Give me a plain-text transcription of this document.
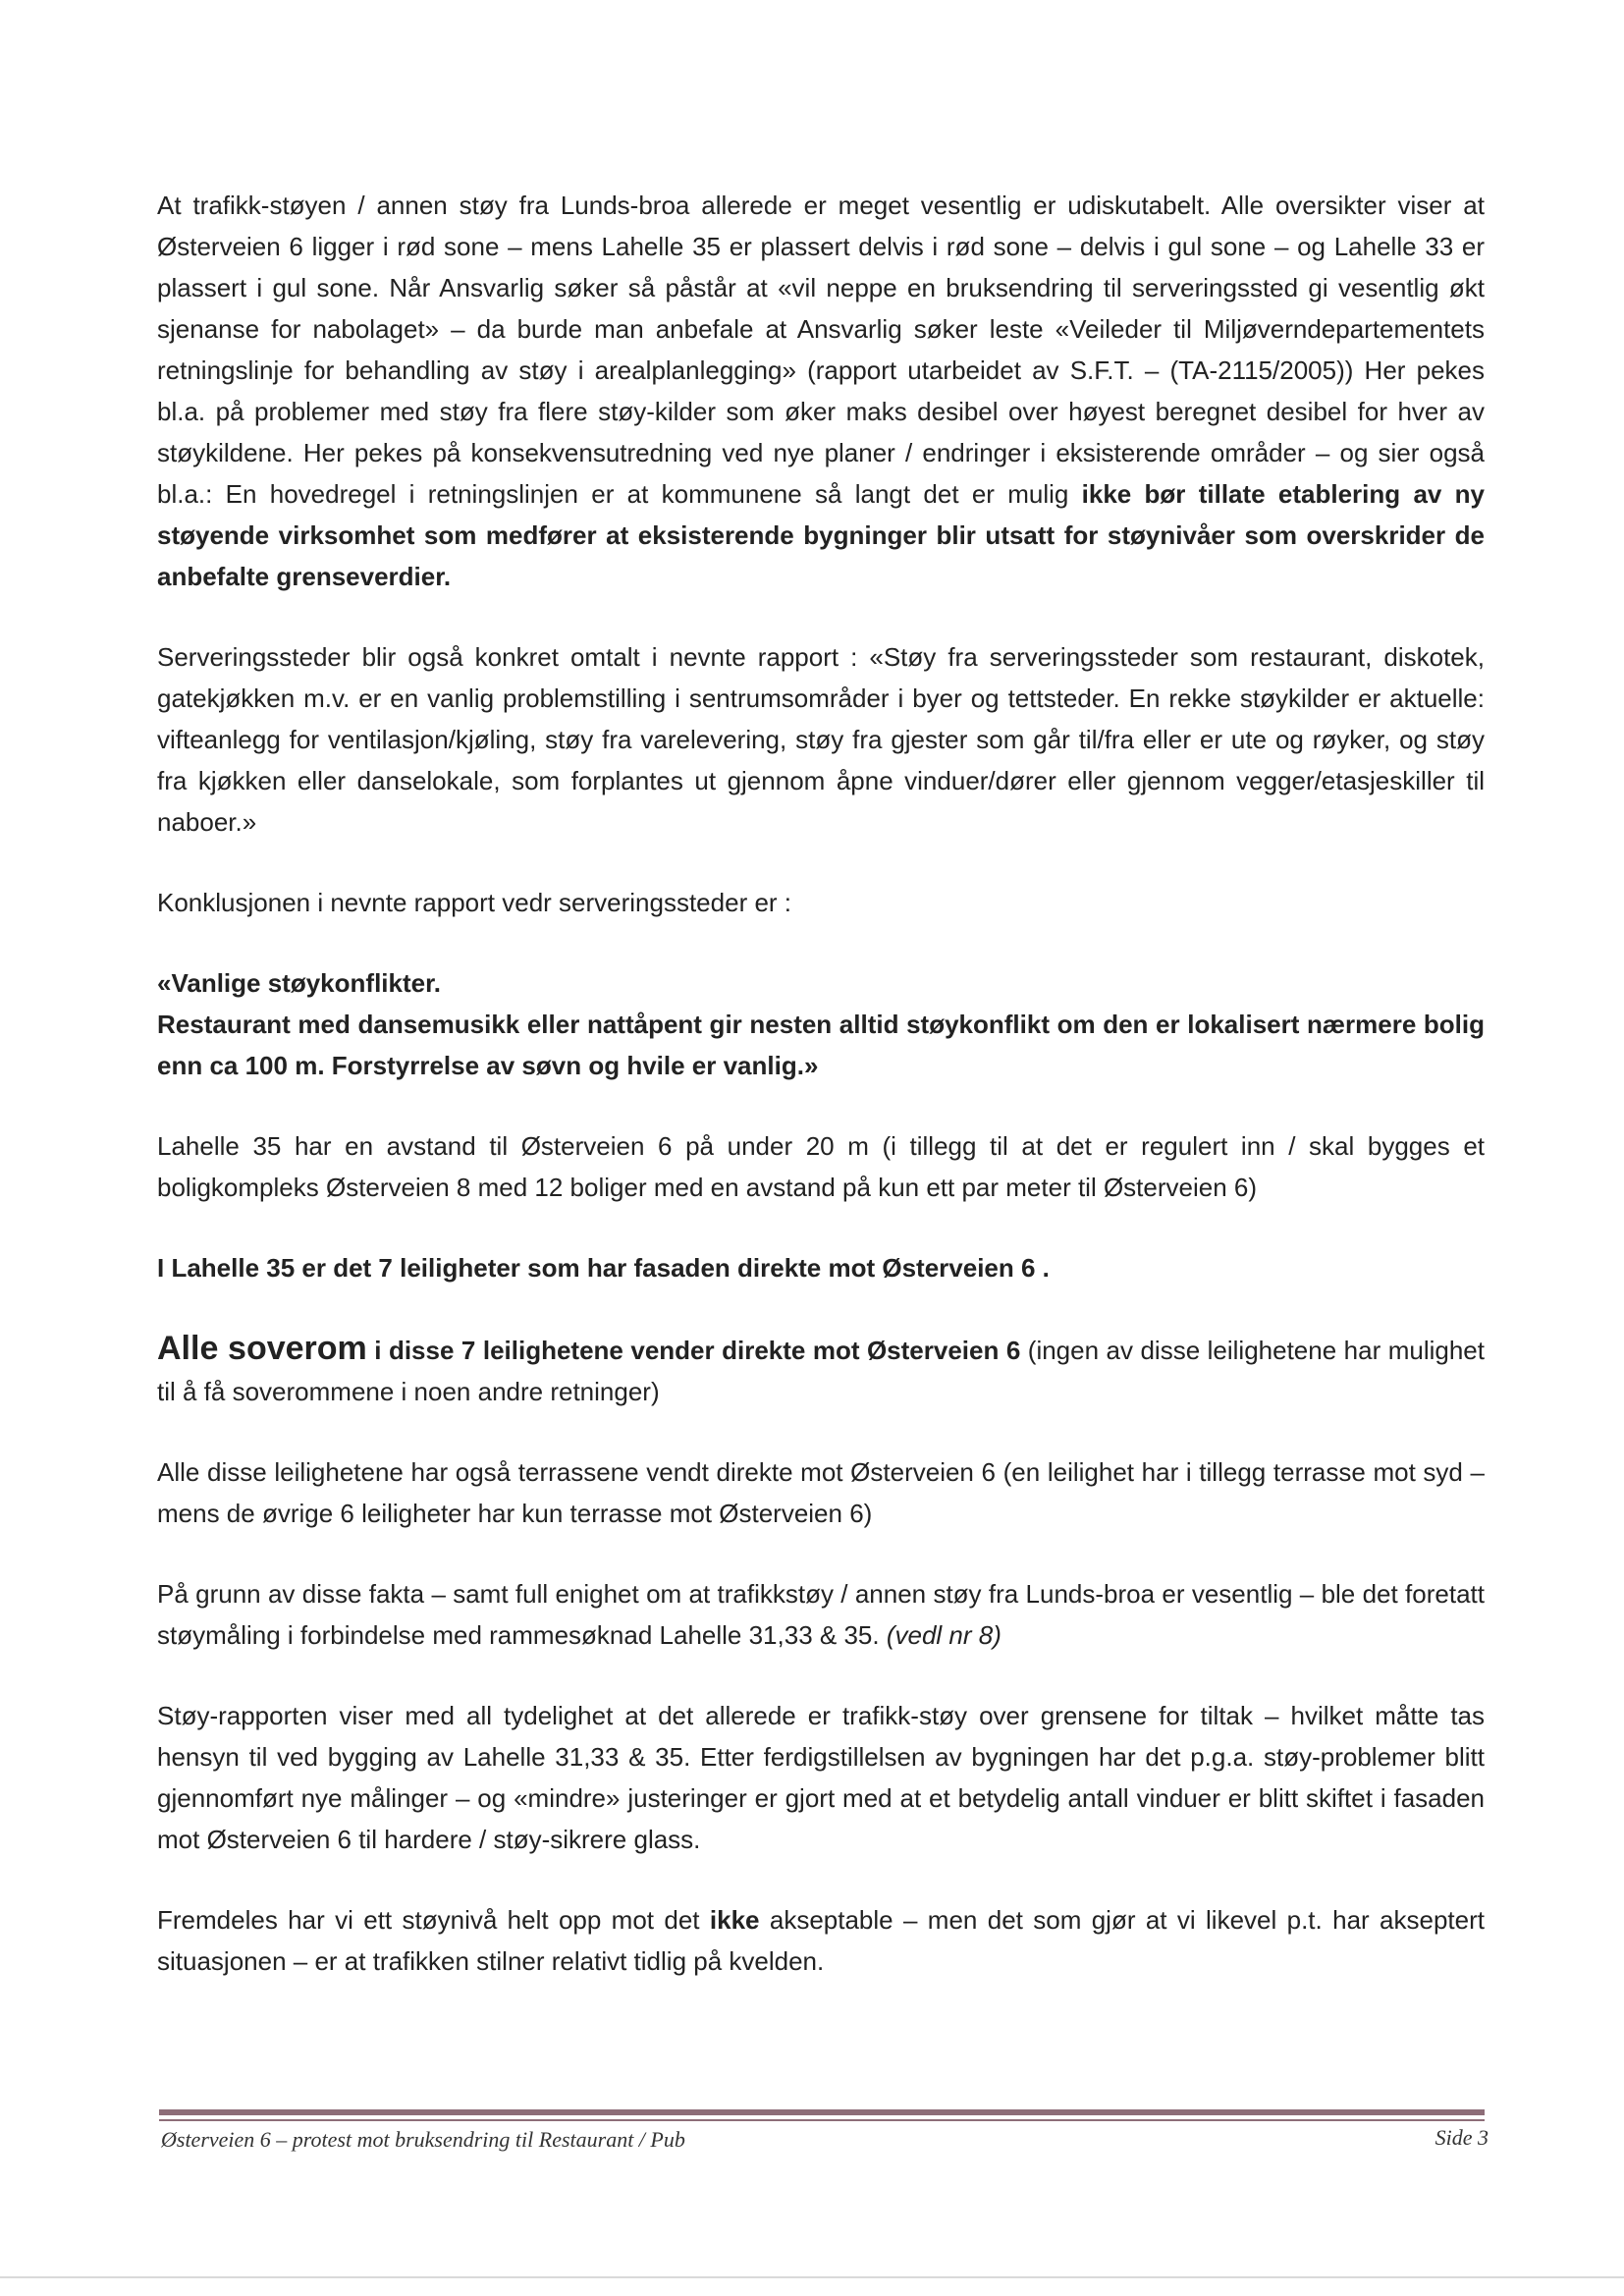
At trafikk-støyen / annen støy fra Lunds-broa allerede er meget vesentlig er udiskutabelt. Alle oversikter viser at Østerveien 6 ligger i rød sone – mens Lahelle 35 er plassert delvis i rød sone – delvis i gul sone – og Lahelle 33 er plassert i gul sone. Når Ansvarlig søker så påstår at «vil neppe en bruksendring til serveringssted gi vesentlig økt sjenanse for nabolaget» – da burde man anbefale at Ansvarlig søker leste «Veileder til Miljøverndepartementets retningslinje for behandling av støy i arealplanlegging» (rapport utarbeidet av S.F.T. – (TA-2115/2005)) Her pekes bl.a. på problemer med støy fra flere støy-kilder som øker maks desibel over høyest beregnet desibel for hver av støykildene. Her pekes på konsekvensutredning ved nye planer / endringer i eksisterende områder – og sier også bl.a.: En hovedregel i retningslinjen er at kommunene så langt det er mulig ikke bør tillate etablering av ny støyende virksomhet som medfører at eksisterende bygninger blir utsatt for støynivåer som overskrider de anbefalte grenseverdier.

Serveringssteder blir også konkret omtalt i nevnte rapport : «Støy fra serveringssteder som restaurant, diskotek, gatekjøkken m.v. er en vanlig problemstilling i sentrumsområder i byer og tettsteder. En rekke støykilder er aktuelle: vifteanlegg for ventilasjon/kjøling, støy fra varelevering, støy fra gjester som går til/fra eller er ute og røyker, og støy fra kjøkken eller danselokale, som forplantes ut gjennom åpne vinduer/dører eller gjennom vegger/etasjeskiller til naboer.»

Konklusjonen i nevnte rapport vedr serveringssteder er :

«Vanlige støykonflikter.
Restaurant med dansemusikk eller nattåpent gir nesten alltid støykonflikt om den er lokalisert nærmere bolig enn ca 100 m. Forstyrrelse av søvn og hvile er vanlig.»

Lahelle 35 har en avstand til Østerveien 6 på under 20 m (i tillegg til at det er regulert inn / skal bygges et boligkompleks Østerveien 8 med 12 boliger med en avstand på kun ett par meter til Østerveien 6)

I Lahelle 35 er det 7 leiligheter som har fasaden direkte mot Østerveien 6 .

Alle soverom i disse 7 leilighetene vender direkte mot Østerveien 6 (ingen av disse leilighetene har mulighet til å få soverommene i noen andre retninger)

Alle disse leilighetene har også terrassene vendt direkte mot Østerveien 6 (en leilighet har i tillegg terrasse mot syd – mens de øvrige 6 leiligheter har kun terrasse mot Østerveien 6)

På grunn av disse fakta – samt full enighet om at trafikkstøy / annen støy fra Lunds-broa er vesentlig – ble det foretatt støymåling i forbindelse med rammesøknad Lahelle 31,33 & 35. (vedl nr 8)

Støy-rapporten viser med all tydelighet at det allerede er trafikk-støy over grensene for tiltak – hvilket måtte tas hensyn til ved bygging av Lahelle 31,33 & 35. Etter ferdigstillelsen av bygningen har det p.g.a. støy-problemer blitt gjennomført nye målinger – og «mindre» justeringer er gjort med at et betydelig antall vinduer er blitt skiftet i fasaden mot Østerveien 6 til hardere / støy-sikrere glass.

Fremdeles har vi ett støynivå helt opp mot det ikke akseptable – men det som gjør at vi likevel p.t. har akseptert situasjonen – er at trafikken stilner relativt tidlig på kvelden.

Østerveien 6 – protest mot bruksendring til Restaurant / Pub	Side 3
